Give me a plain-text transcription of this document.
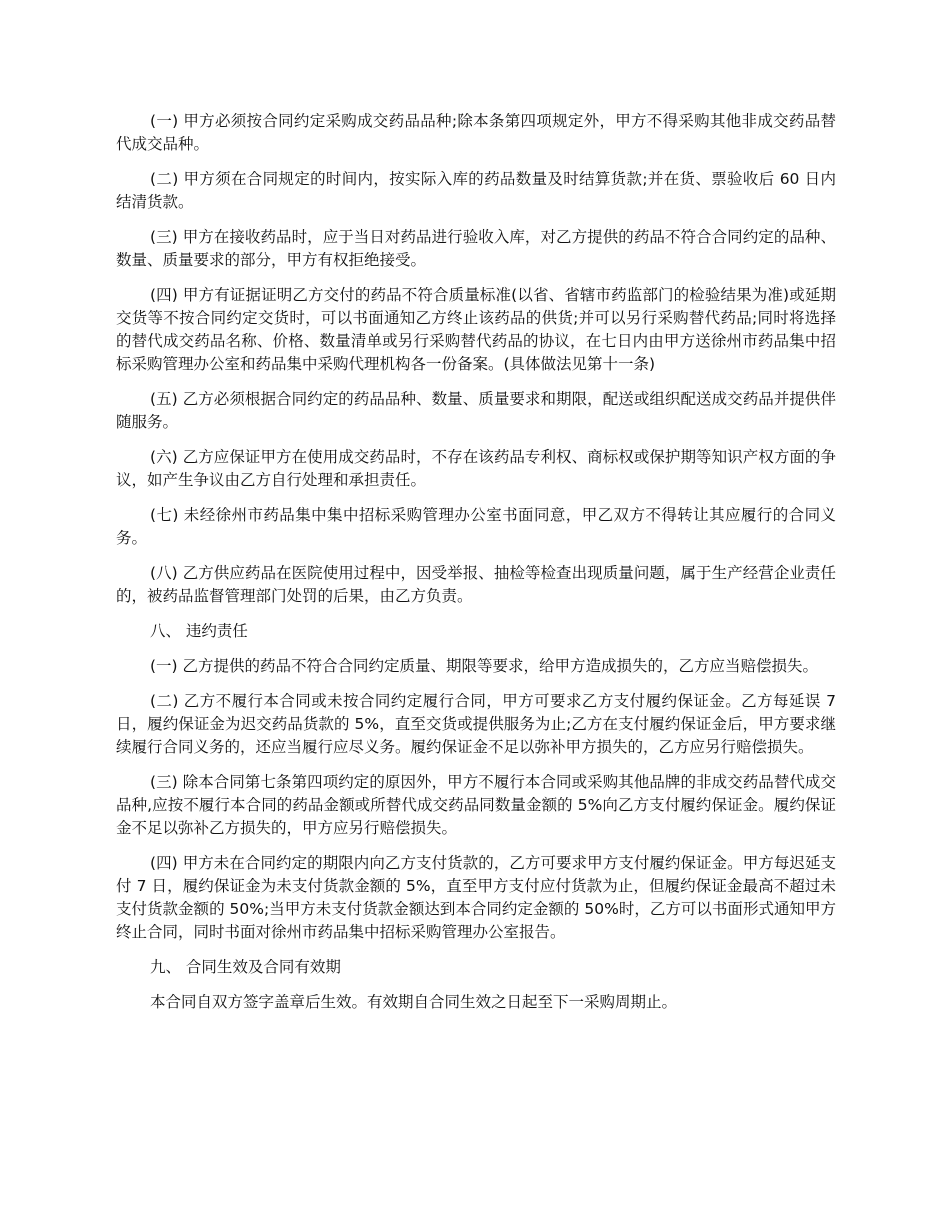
(一) 甲方必须按合同约定采购成交药品品种;除本条第四项规定外，甲方不得采购其他非成交药品替代成交品种。

(二) 甲方须在合同规定的时间内，按实际入库的药品数量及时结算货款;并在货、票验收后 60 日内结清货款。

(三) 甲方在接收药品时，应于当日对药品进行验收入库，对乙方提供的药品不符合合同约定的品种、数量、质量要求的部分，甲方有权拒绝接受。

(四) 甲方有证据证明乙方交付的药品不符合质量标准(以省、省辖市药监部门的检验结果为准)或延期交货等不按合同约定交货时，可以书面通知乙方终止该药品的供货;并可以另行采购替代药品;同时将选择的替代成交药品名称、价格、数量清单或另行采购替代药品的协议，在七日内由甲方送徐州市药品集中招标采购管理办公室和药品集中采购代理机构各一份备案。(具体做法见第十一条)

(五) 乙方必须根据合同约定的药品品种、数量、质量要求和期限，配送或组织配送成交药品并提供伴随服务。

(六) 乙方应保证甲方在使用成交药品时，不存在该药品专利权、商标权或保护期等知识产权方面的争议，如产生争议由乙方自行处理和承担责任。

(七) 未经徐州市药品集中集中招标采购管理办公室书面同意，甲乙双方不得转让其应履行的合同义务。

(八) 乙方供应药品在医院使用过程中，因受举报、抽检等检查出现质量问题，属于生产经营企业责任的，被药品监督管理部门处罚的后果，由乙方负责。

八、 违约责任

(一) 乙方提供的药品不符合合同约定质量、期限等要求，给甲方造成损失的，乙方应当赔偿损失。

(二) 乙方不履行本合同或未按合同约定履行合同，甲方可要求乙方支付履约保证金。乙方每延误 7 日，履约保证金为迟交药品货款的 5%，直至交货或提供服务为止;乙方在支付履约保证金后，甲方要求继续履行合同义务的，还应当履行应尽义务。履约保证金不足以弥补甲方损失的，乙方应另行赔偿损失。

(三) 除本合同第七条第四项约定的原因外，甲方不履行本合同或采购其他品牌的非成交药品替代成交品种,应按不履行本合同的药品金额或所替代成交药品同数量金额的 5%向乙方支付履约保证金。履约保证金不足以弥补乙方损失的，甲方应另行赔偿损失。

(四) 甲方未在合同约定的期限内向乙方支付货款的，乙方可要求甲方支付履约保证金。甲方每迟延支付 7 日，履约保证金为未支付货款金额的 5%，直至甲方支付应付货款为止，但履约保证金最高不超过未支付货款金额的 50%;当甲方未支付货款金额达到本合同约定金额的 50%时，乙方可以书面形式通知甲方终止合同，同时书面对徐州市药品集中招标采购管理办公室报告。

九、 合同生效及合同有效期

本合同自双方签字盖章后生效。有效期自合同生效之日起至下一采购周期止。
